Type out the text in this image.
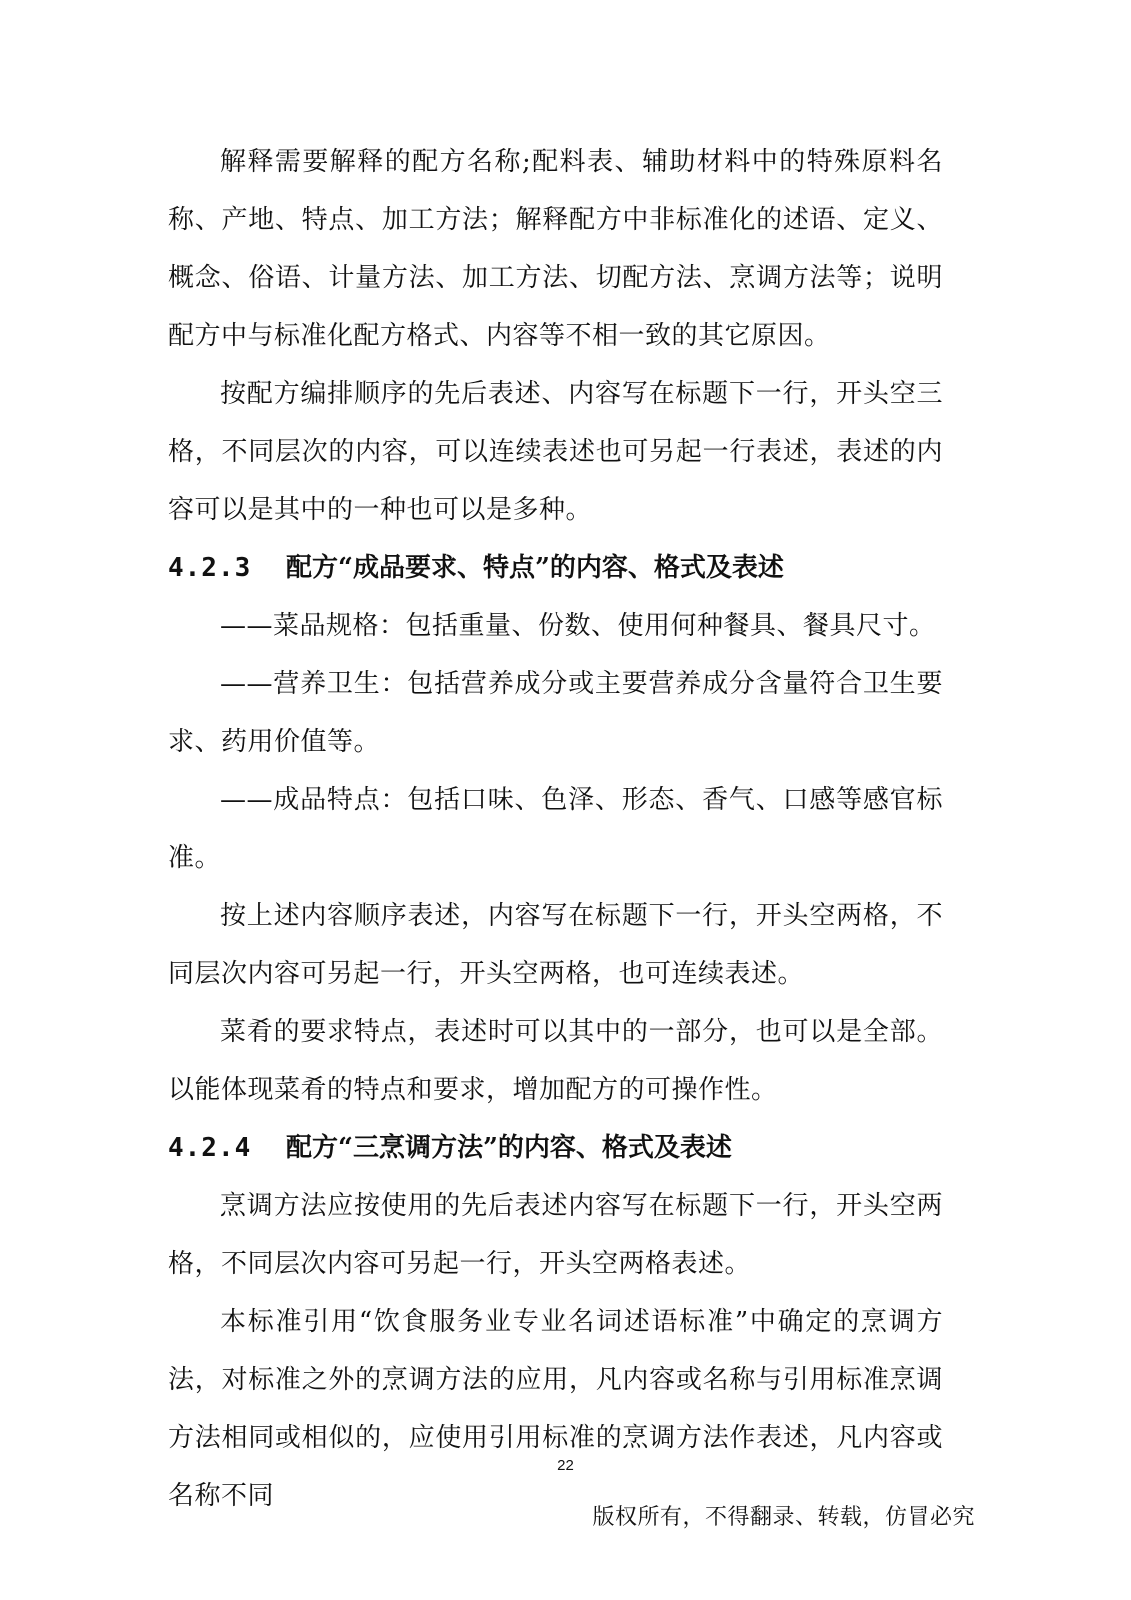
解释需要解释的配方名称;配料表、辅助材料中的特殊原料名称、产地、特点、加工方法；解释配方中非标准化的述语、定义、概念、俗语、计量方法、加工方法、切配方法、烹调方法等；说明配方中与标准化配方格式、内容等不相一致的其它原因。

按配方编排顺序的先后表述、内容写在标题下一行，开头空三格，不同层次的内容，可以连续表述也可另起一行表述，表述的内容可以是其中的一种也可以是多种。

4.2.3	配方“成品要求、特点”的内容、格式及表述

——菜品规格：包括重量、份数、使用何种餐具、餐具尺寸。

——营养卫生：包括营养成分或主要营养成分含量符合卫生要求、药用价值等。

——成品特点：包括口味、色泽、形态、香气、口感等感官标准。

按上述内容顺序表述，内容写在标题下一行，开头空两格，不同层次内容可另起一行，开头空两格，也可连续表述。

菜肴的要求特点，表述时可以其中的一部分，也可以是全部。以能体现菜肴的特点和要求，增加配方的可操作性。

4.2.4	配方“三烹调方法”的内容、格式及表述

烹调方法应按使用的先后表述内容写在标题下一行，开头空两格，不同层次内容可另起一行，开头空两格表述。

本标准引用“饮食服务业专业名词述语标准”中确定的烹调方法，对标准之外的烹调方法的应用，凡内容或名称与引用标准烹调方法相同或相似的，应使用引用标准的烹调方法作表述，凡内容或名称不同

22
版权所有，不得翻录、转载，仿冒必究
